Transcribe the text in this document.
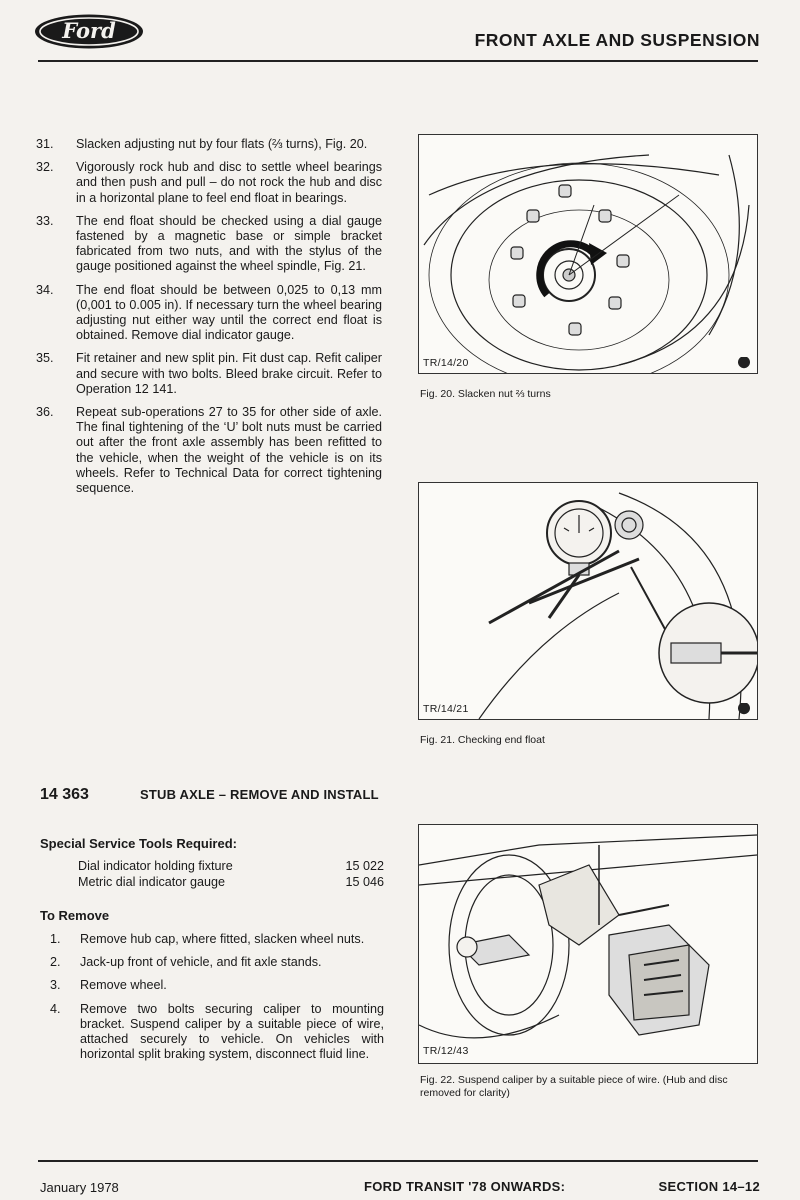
Ford	FRONT AXLE AND SUSPENSION
31.	Slacken adjusting nut by four flats (⅔ turns), Fig. 20.
32.	Vigorously rock hub and disc to settle wheel bearings and then push and pull – do not rock the hub and disc in a horizontal plane to feel end float in bearings.
33.	The end float should be checked using a dial gauge fastened by a magnetic base or simple bracket fabricated from two nuts, and with the stylus of the gauge positioned against the wheel spindle, Fig. 21.
34.	The end float should be between 0,025 to 0,13 mm (0,001 to 0.005 in). If necessary turn the wheel bearing adjusting nut either way until the correct end float is obtained. Remove dial indicator gauge.
35.	Fit retainer and new split pin. Fit dust cap. Refit caliper and secure with two bolts. Bleed brake circuit. Refer to Operation 12 141.
36.	Repeat sub-operations 27 to 35 for other side of axle. The final tightening of the ‘U’ bolt nuts must be carried out after the front axle assembly has been refitted to the vehicle, when the weight of the vehicle is on its wheels. Refer to Technical Data for correct tightening sequence.
TR/14/20
Fig. 20. Slacken nut ⅔ turns
TR/14/21
Fig. 21. Checking end float
TR/12/43
Fig. 22. Suspend caliper by a suitable piece of wire. (Hub and disc removed for clarity)
14 363	STUB AXLE – REMOVE AND INSTALL
Special Service Tools Required:
Dial indicator holding fixture	15 022
Metric dial indicator gauge	15 046
To Remove
1.	Remove hub cap, where fitted, slacken wheel nuts.
2.	Jack-up front of vehicle, and fit axle stands.
3.	Remove wheel.
4.	Remove two bolts securing caliper to mounting bracket. Suspend caliper by a suitable piece of wire, attached securely to vehicle. On vehicles with horizontal split braking system, disconnect fluid line.
January 1978	FORD TRANSIT '78 ONWARDS:	SECTION 14–12
